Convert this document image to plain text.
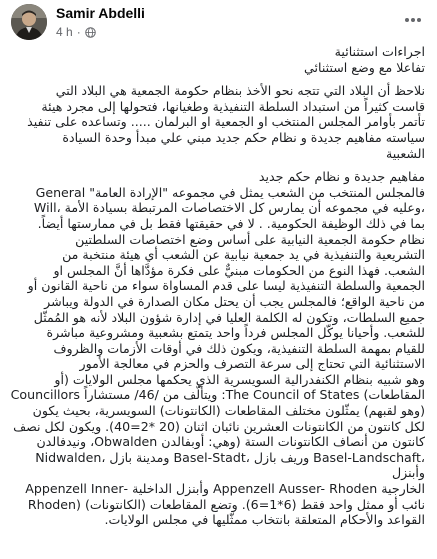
Samir Abdelli
4 h ·

اجراءات استثنائية

تفاعلا مع وضع استثنائي

نلاحظ أن البلاد التي تتجه نحو الأخذ بنظام حكومة الجمعية هي البلاد التي
قاست كثيراً من استبداد السلطة التنفيذية وطغيانها، فتحولها إلى مجرد هيئة
تأتمر بأوامر المجلس المنتخب او الجمعية او البرلمان ..... وتساعده على تنفيذ
سياسته مفاهيم جديدة و نظام حكم جديد مبني علي مبدأ وحدة السيادة
الشعبية

مفاهيم جديدة و نظام حكم جديد

فالمجلس المنتخب من الشعب يمثل في مجموعه "الإرادة العامة" General
Will، وعليه في مجموعه أن يمارس كل الاختصاصات المرتبطة بسيادة الأمة،
بما في ذلك الوظيفة الحكومية. . لا في حقيقتها فقط بل في ممارستها أيضاً.
نظام حكومة الجمعية النيابية على أساس وضع اختصاصات السلطتين
التشريعية والتنفيذية في يد جمعية نيابية عن الشعب أي هيئة منتخبة من
الشعب. فهذا النوع من الحكومات مبنيٌّ على فكرة مؤدَّاها أنَّ المجلس او
الجمعية والسلطة التنفيذية ليسا على قدم المساواة سواء من ناحية القانون أو
من ناحية الواقع؛ فالمجلس يجب أن يحتل مكان الصدارة في الدولة ويباشر
جميع السلطات، وتكون له الكلمة العليا في إدارة شؤون البلاد لأنه هو المُمثّل
للشعب. وأحيانا يوكّل المجلس فرداً واحد يتمتع بشعبية ومشروعية مباشرة
للقيام بمهمة السلطة التنفيذية، ويكون ذلك في أوقات الأزمات والظروف
الاستثنائية التي تحتاج إلى سرعة التصرف والحزم في معالجة الأمور
وهو شبيه بنظام الكنفدرالية السويسرية الذي يحكمها مجلس الولايات (أو
المقاطعات) The Council of States: ويتألّف من /46/ مستشاراً Councillors
(وهو لقبهم) يمثّلون مختلف المقاطعات (الكانتونات) السويسرية، بحيث يكون
لكل كانتون من الكانتونات العشرين نائبان اثنان (20 *2=40). ويكون لكل نصف
كانتون من أنصاف الكانتونات الستة (وهي: أوبفالدن Obwalden، ونيدفالدن
Nidwalden، ومدينة بازل Basel-Stadt، وريف بازل Basel-Landschaft، وأبنزل
الخارجية Appenzell Ausser- Rhoden وأبنزل الداخلية -Appenzell Inner
Rhoden) نائب أو ممثل واحد فقط (6*1=6). وتضع المقاطعات (الكانتونات)
القواعد والأحكام المتعلقة بانتخاب ممثّليها في مجلس الولايات.
